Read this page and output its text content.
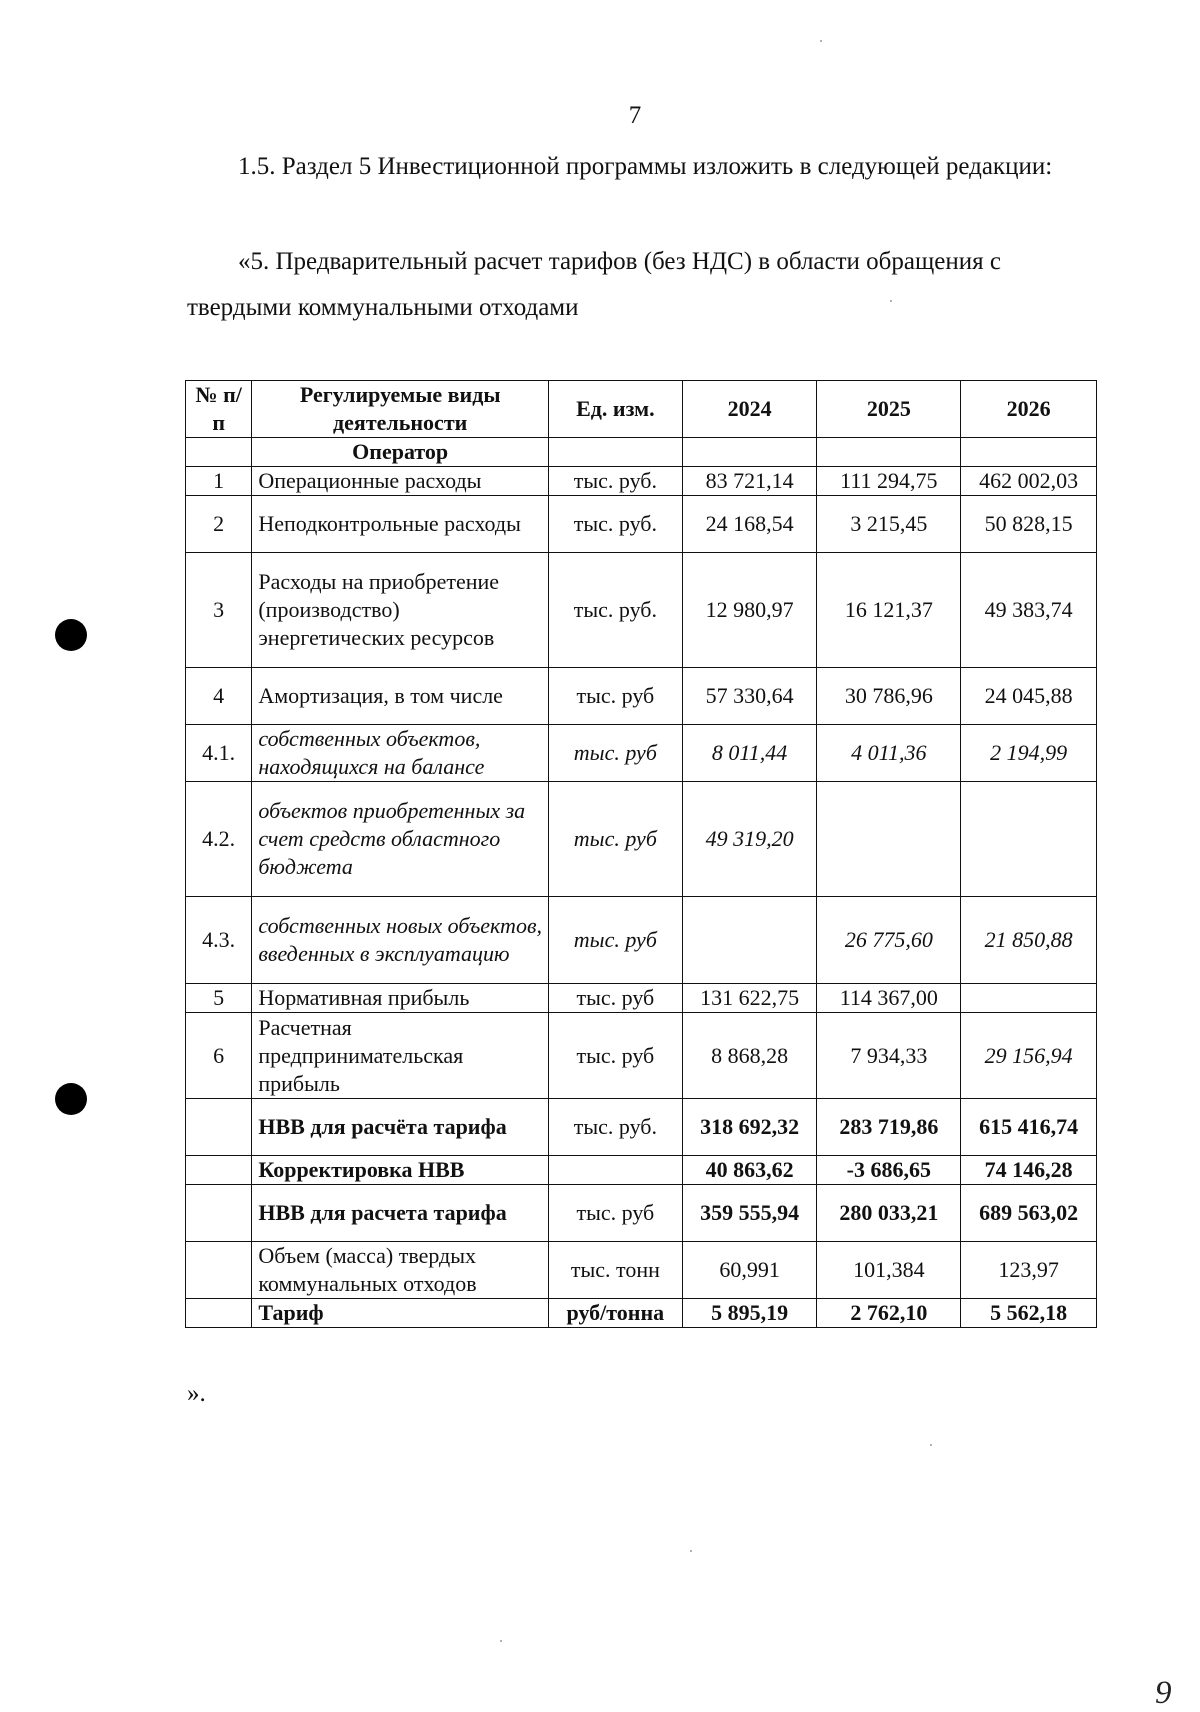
7
1.5. Раздел 5 Инвестиционной программы изложить в следующей редакции:
«5. Предварительный расчет тарифов (без НДС) в области обращения с твердыми коммунальными отходами
№ п/п	Регулируемые виды деятельности	Ед. изм.	2024	2025	2026
	Оператор				
1	Операционные расходы	тыс. руб.	83 721,14	111 294,75	462 002,03
2	Неподконтрольные расходы	тыс. руб.	24 168,54	3 215,45	50 828,15
3	Расходы на приобретение (производство) энергетических ресурсов	тыс. руб.	12 980,97	16 121,37	49 383,74
4	Амортизация, в том числе	тыс. руб	57 330,64	30 786,96	24 045,88
4.1.	собственных объектов, находящихся на балансе	тыс. руб	8 011,44	4 011,36	2 194,99
4.2.	объектов приобретенных за счет средств областного бюджета	тыс. руб	49 319,20		
4.3.	собственных новых объектов, введенных в эксплуатацию	тыс. руб		26 775,60	21 850,88
5	Нормативная прибыль	тыс. руб	131 622,75	114 367,00	
6	Расчетная предпринимательская прибыль	тыс. руб	8 868,28	7 934,33	29 156,94
	НВВ для расчёта тарифа	тыс. руб.	318 692,32	283 719,86	615 416,74
	Корректировка НВВ		40 863,62	-3 686,65	74 146,28
	НВВ для расчета тарифа	тыс. руб	359 555,94	280 033,21	689 563,02
	Объем (масса) твердых коммунальных отходов	тыс. тонн	60,991	101,384	123,97
	Тариф	руб/тонна	5 895,19	2 762,10	5 562,18
».
9
